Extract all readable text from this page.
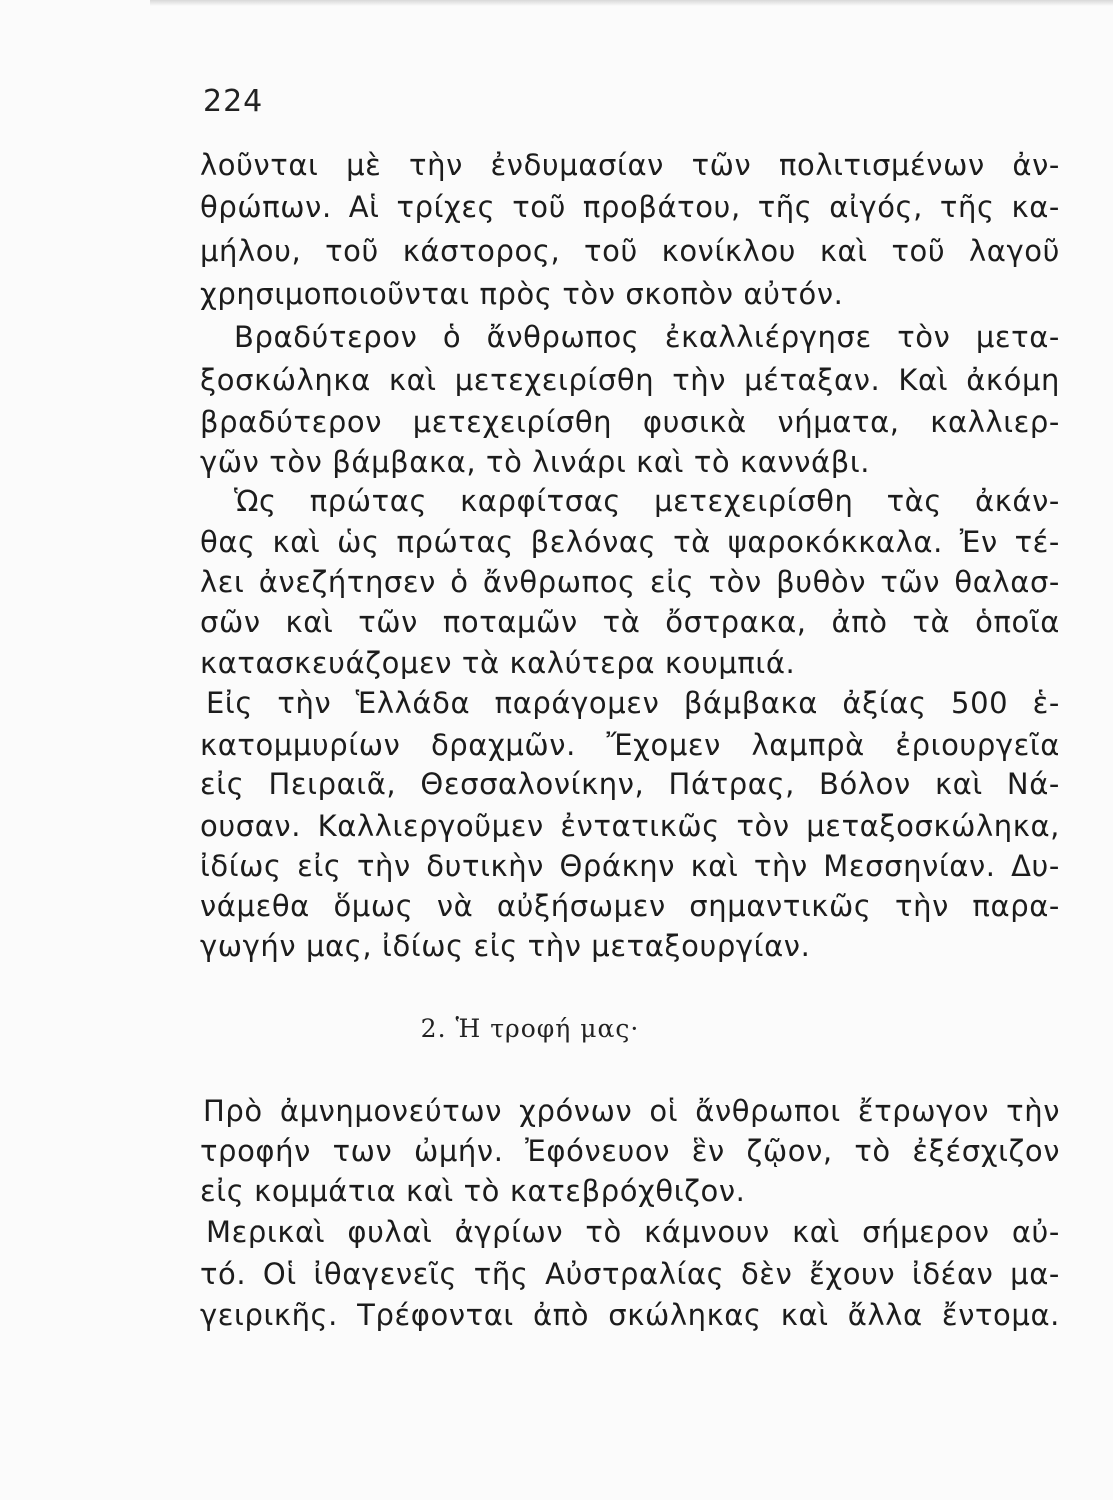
224
λοῦνται μὲ τὴν ἐνδυμασίαν τῶν πολιτισμένων ἀν-
θρώπων. Αἱ τρίχες τοῦ προβάτου, τῆς αἰγός, τῆς κα-
μήλου, τοῦ κάστορος, τοῦ κονίκλου καὶ τοῦ λαγοῦ
χρησιμοποιοῦνται πρὸς τὸν σκοπὸν αὐτόν.
Βραδύτερον ὁ ἄνθρωπος ἐκαλλιέργησε τὸν μετα-
ξοσκώληκα καὶ μετεχειρίσθη τὴν μέταξαν. Καὶ ἀκόμη
βραδύτερον μετεχειρίσθη φυσικὰ νήματα, καλλιερ-
γῶν τὸν βάμβακα, τὸ λινάρι καὶ τὸ καννάβι.
Ὡς πρώτας καρφίτσας μετεχειρίσθη τὰς ἀκάν-
θας καὶ ὡς πρώτας βελόνας τὰ ψαροκόκκαλα. Ἐν τέ-
λει ἀνεζήτησεν ὁ ἄνθρωπος εἰς τὸν βυθὸν τῶν θαλασ-
σῶν καὶ τῶν ποταμῶν τὰ ὄστρακα, ἀπὸ τὰ ὁποῖα
κατασκευάζομεν τὰ καλύτερα κουμπιά.
Εἰς τὴν Ἑλλάδα παράγομεν βάμβακα ἀξίας 500 ἑ-
κατομμυρίων δραχμῶν. Ἔχομεν λαμπρὰ ἐριουργεῖα
εἰς Πειραιᾶ, Θεσσαλονίκην, Πάτρας, Βόλον καὶ Νά-
ουσαν. Καλλιεργοῦμεν ἐντατικῶς τὸν μεταξοσκώληκα,
ἰδίως εἰς τὴν δυτικὴν Θράκην καὶ τὴν Μεσσηνίαν. Δυ-
νάμεθα ὅμως νὰ αὐξήσωμεν σημαντικῶς τὴν παρα-
γωγήν μας, ἰδίως εἰς τὴν μεταξουργίαν.
2. Ἡ τροφή μας·
Πρὸ ἀμνημονεύτων χρόνων οἱ ἄνθρωποι ἔτρωγον τὴν
τροφήν των ὠμήν. Ἐφόνευον ἓν ζῷον, τὸ ἐξέσχιζον
εἰς κομμάτια καὶ τὸ κατεβρόχθιζον.
Μερικαὶ φυλαὶ ἀγρίων τὸ κάμνουν καὶ σήμερον αὐ-
τό. Οἱ ἰθαγενεῖς τῆς Αὐστραλίας δὲν ἔχουν ἰδέαν μα-
γειρικῆς. Τρέφονται ἀπὸ σκώληκας καὶ ἄλλα ἔντομα.
